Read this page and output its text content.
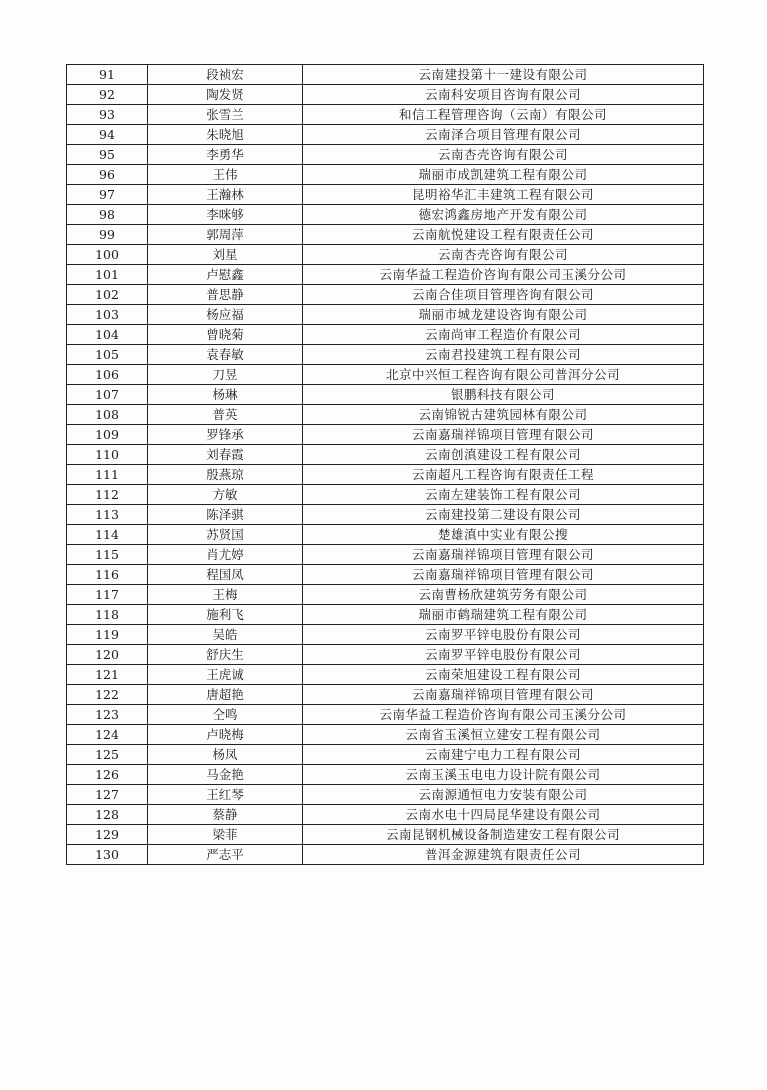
91	段祯宏	云南建投第十一建设有限公司
92	陶发贤	云南科安项目咨询有限公司
93	张雪兰	和信工程管理咨询（云南）有限公司
94	朱晓旭	云南泽合项目管理有限公司
95	李勇华	云南杏壳咨询有限公司
96	王伟	瑞丽市成凯建筑工程有限公司
97	王瀚林	昆明裕华汇丰建筑工程有限公司
98	李咪够	德宏鸿鑫房地产开发有限公司
99	郭周萍	云南航悦建设工程有限责任公司
100	刘星	云南杏壳咨询有限公司
101	卢慰鑫	云南华益工程造价咨询有限公司玉溪分公司
102	普思静	云南合佳项目管理咨询有限公司
103	杨应福	瑞丽市城龙建设咨询有限公司
104	曾晓菊	云南尚审工程造价有限公司
105	袁春敏	云南君投建筑工程有限公司
106	刀昱	北京中兴恒工程咨询有限公司普洱分公司
107	杨琳	银鹏科技有限公司
108	普英	云南锦锐古建筑园林有限公司
109	罗锋承	云南嘉瑞祥锦项目管理有限公司
110	刘春霞	云南创滇建设工程有限公司
111	殷燕琼	云南超凡工程咨询有限责任工程
112	方敏	云南左建装饰工程有限公司
113	陈泽骐	云南建投第二建设有限公司
114	苏贤国	楚雄滇中实业有限公搜
115	肖尤婷	云南嘉瑞祥锦项目管理有限公司
116	程国凤	云南嘉瑞祥锦项目管理有限公司
117	王梅	云南曹杨欣建筑劳务有限公司
118	施利飞	瑞丽市鹤瑞建筑工程有限公司
119	吴皓	云南罗平锌电股份有限公司
120	舒庆生	云南罗平锌电股份有限公司
121	王虎诚	云南荣旭建设工程有限公司
122	唐超艳	云南嘉瑞祥锦项目管理有限公司
123	仝鸣	云南华益工程造价咨询有限公司玉溪分公司
124	卢晓梅	云南省玉溪恒立建安工程有限公司
125	杨凤	云南建宁电力工程有限公司
126	马金艳	云南玉溪玉电电力设计院有限公司
127	王红琴	云南源通恒电力安装有限公司
128	蔡静	云南水电十四局昆华建设有限公司
129	梁菲	云南昆钢机械设备制造建安工程有限公司
130	严志平	普洱金源建筑有限责任公司
